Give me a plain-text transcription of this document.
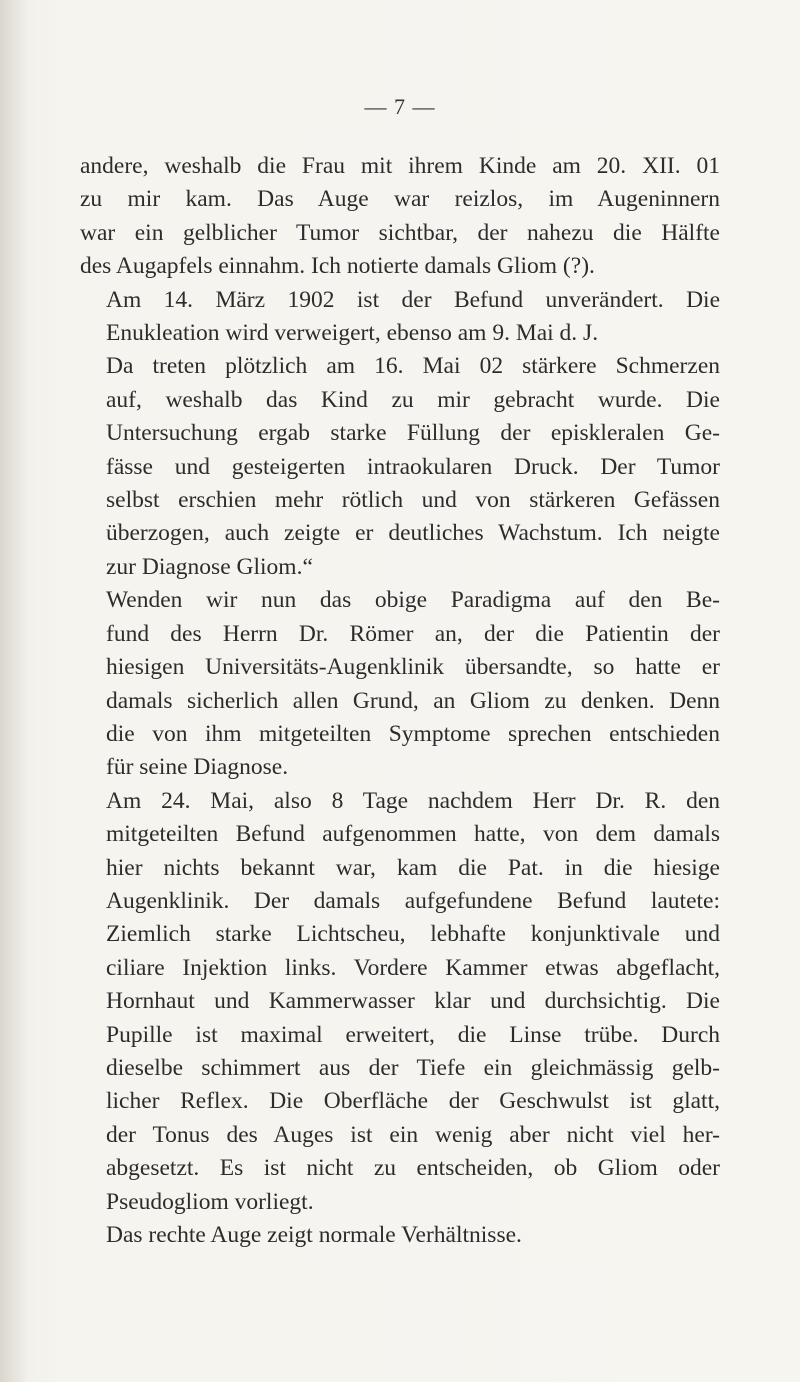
— 7 —

andere, weshalb die Frau mit ihrem Kinde am 20. XII. 01
zu mir kam. Das Auge war reizlos, im Augeninnern
war ein gelblicher Tumor sichtbar, der nahezu die Hälfte
des Augapfels einnahm. Ich notierte damals Gliom (?).

Am 14. März 1902 ist der Befund unverändert. Die
Enukleation wird verweigert, ebenso am 9. Mai d. J.

Da treten plötzlich am 16. Mai 02 stärkere Schmerzen
auf, weshalb das Kind zu mir gebracht wurde. Die
Untersuchung ergab starke Füllung der episkleralen Ge-
fässe und gesteigerten intraokularen Druck. Der Tumor
selbst erschien mehr rötlich und von stärkeren Gefässen
überzogen, auch zeigte er deutliches Wachstum. Ich neigte
zur Diagnose Gliom.“

Wenden wir nun das obige Paradigma auf den Be-
fund des Herrn Dr. Römer an, der die Patientin der
hiesigen Universitäts-Augenklinik übersandte, so hatte er
damals sicherlich allen Grund, an Gliom zu denken. Denn
die von ihm mitgeteilten Symptome sprechen entschieden
für seine Diagnose.

Am 24. Mai, also 8 Tage nachdem Herr Dr. R. den
mitgeteilten Befund aufgenommen hatte, von dem damals
hier nichts bekannt war, kam die Pat. in die hiesige
Augenklinik. Der damals aufgefundene Befund lautete:
Ziemlich starke Lichtscheu, lebhafte konjunktivale und
ciliare Injektion links. Vordere Kammer etwas abgeflacht,
Hornhaut und Kammerwasser klar und durchsichtig. Die
Pupille ist maximal erweitert, die Linse trübe. Durch
dieselbe schimmert aus der Tiefe ein gleichmässig gelb-
licher Reflex. Die Oberfläche der Geschwulst ist glatt,
der Tonus des Auges ist ein wenig aber nicht viel her-
abgesetzt. Es ist nicht zu entscheiden, ob Gliom oder
Pseudogliom vorliegt.

Das rechte Auge zeigt normale Verhältnisse.
